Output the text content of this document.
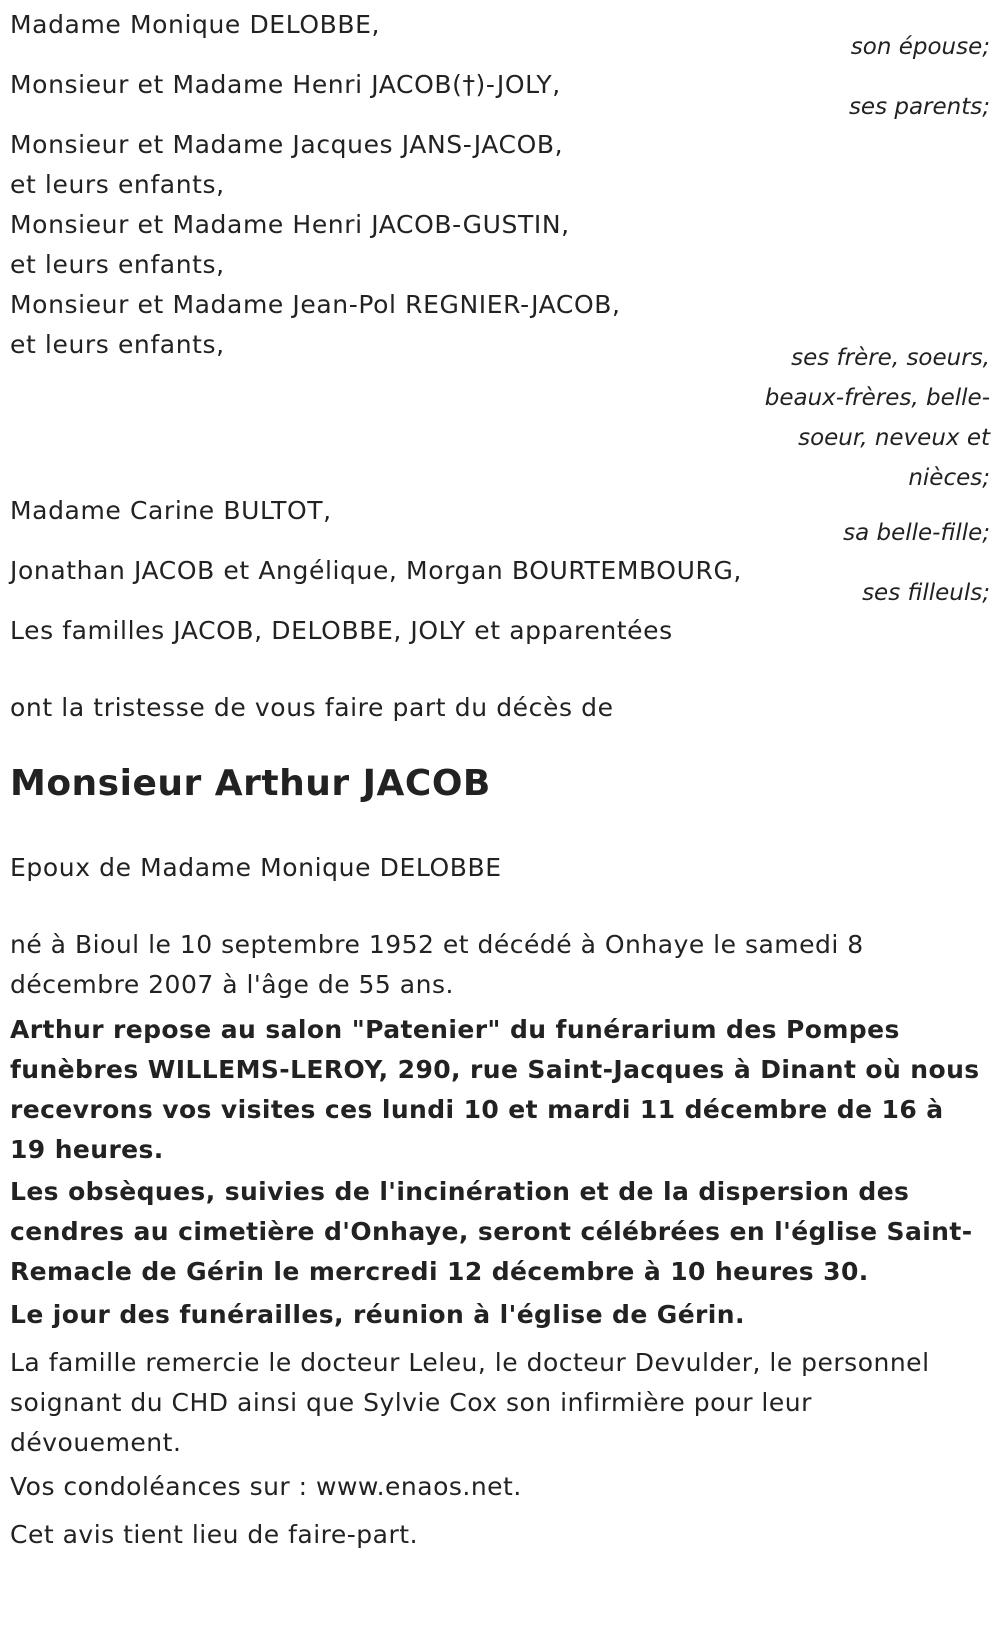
Madame Monique DELOBBE,
son épouse;
Monsieur et Madame Henri JACOB(†)-JOLY,
ses parents;
Monsieur et Madame Jacques JANS-JACOB,
et leurs enfants,
Monsieur et Madame Henri JACOB-GUSTIN,
et leurs enfants,
Monsieur et Madame Jean-Pol REGNIER-JACOB,
et leurs enfants,	ses frère, soeurs,
beaux-frères, belle-
soeur, neveux et
nièces;
Madame Carine BULTOT,
sa belle-fille;
Jonathan JACOB et Angélique, Morgan BOURTEMBOURG,
ses filleuls;
Les familles JACOB, DELOBBE, JOLY et apparentées
ont la tristesse de vous faire part du décès de
Monsieur Arthur JACOB
Epoux de Madame Monique DELOBBE
né à Bioul le 10 septembre 1952 et décédé à Onhaye le samedi 8 décembre 2007 à l'âge de 55 ans.
Arthur repose au salon "Patenier" du funérarium des Pompes funèbres WILLEMS-LEROY, 290, rue Saint-Jacques à Dinant où nous recevrons vos visites ces lundi 10 et mardi 11 décembre de 16 à 19 heures.
Les obsèques, suivies de l'incinération et de la dispersion des cendres au cimetière d'Onhaye, seront célébrées en l'église Saint-Remacle de Gérin le mercredi 12 décembre à 10 heures 30.
Le jour des funérailles, réunion à l'église de Gérin.
La famille remercie le docteur Leleu, le docteur Devulder, le personnel soignant du CHD ainsi que Sylvie Cox son infirmière pour leur dévouement.
Vos condoléances sur : www.enaos.net.
Cet avis tient lieu de faire-part.
